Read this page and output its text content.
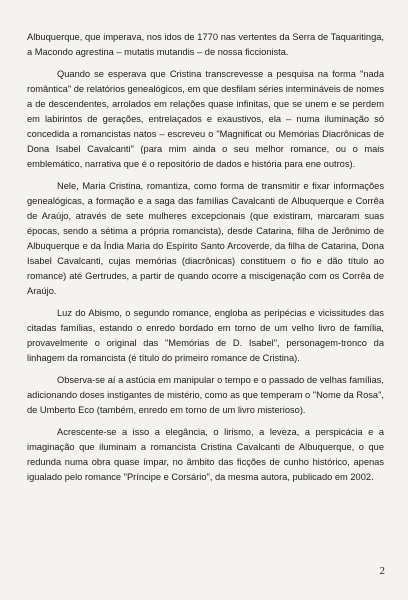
Albuquerque, que imperava, nos idos de 1770 nas vertentes da Serra de Taquaritinga, a Macondo agrestina – mutatis mutandis – de nossa ficcionista.

Quando se esperava que Cristina transcrevesse a pesquisa na forma "nada romântica" de relatórios genealógicos, em que desfilam séries intermináveis de nomes a de descendentes, arrolados em relações quase infinitas, que se unem e se perdem em labirintos de gerações, entrelaçados e exaustivos, ela – numa iluminação só concedida a romancistas natos – escreveu o "Magnificat ou Memórias Diacrônicas de Dona Isabel Cavalcanti" (para mim ainda o seu melhor romance, ou o mais emblemático, narrativa que é o repositório de dados e história para ene outros).

Nele, Maria Cristina, romantiza, como forma de transmitir e fixar informações genealógicas, a formação e a saga das famílias Cavalcanti de Albuquerque e Corrêa de Araújo, através de sete mulheres excepcionais (que existiram, marcaram suas épocas, sendo a sétima a própria romancista), desde Catarina, filha de Jerônimo de Albuquerque e da Índia Maria do Espírito Santo Arcoverde, da filha de Catarina, Dona Isabel Cavalcanti, cujas memórias (diacrônicas) constituem o fio e dão título ao romance) até Gertrudes, a partir de quando ocorre a miscigenação com os Corrêa de Araújo.

Luz do Abismo, o segundo romance, engloba as peripécias e vicissitudes das citadas famílias, estando o enredo bordado em torno de um velho livro de família, provavelmente o original das "Memórias de D. Isabel", personagem-tronco da linhagem da romancista (é título do primeiro romance de Cristina).

Observa-se aí a astúcia em manipular o tempo e o passado de velhas famílias, adicionando doses instigantes de mistério, como as que temperam o "Nome da Rosa", de Umberto Eco (também, enredo em torno de um livro misterioso).

Acrescente-se a isso a elegância, o lirismo, a leveza, a perspicácia e a imaginação que iluminam a romancista Cristina Cavalcanti de Albuquerque, o que redunda numa obra quase ímpar, no âmbito das ficções de cunho histórico, apenas igualado pelo romance "Príncipe e Corsário", da mesma autora, publicado em 2002.

2
